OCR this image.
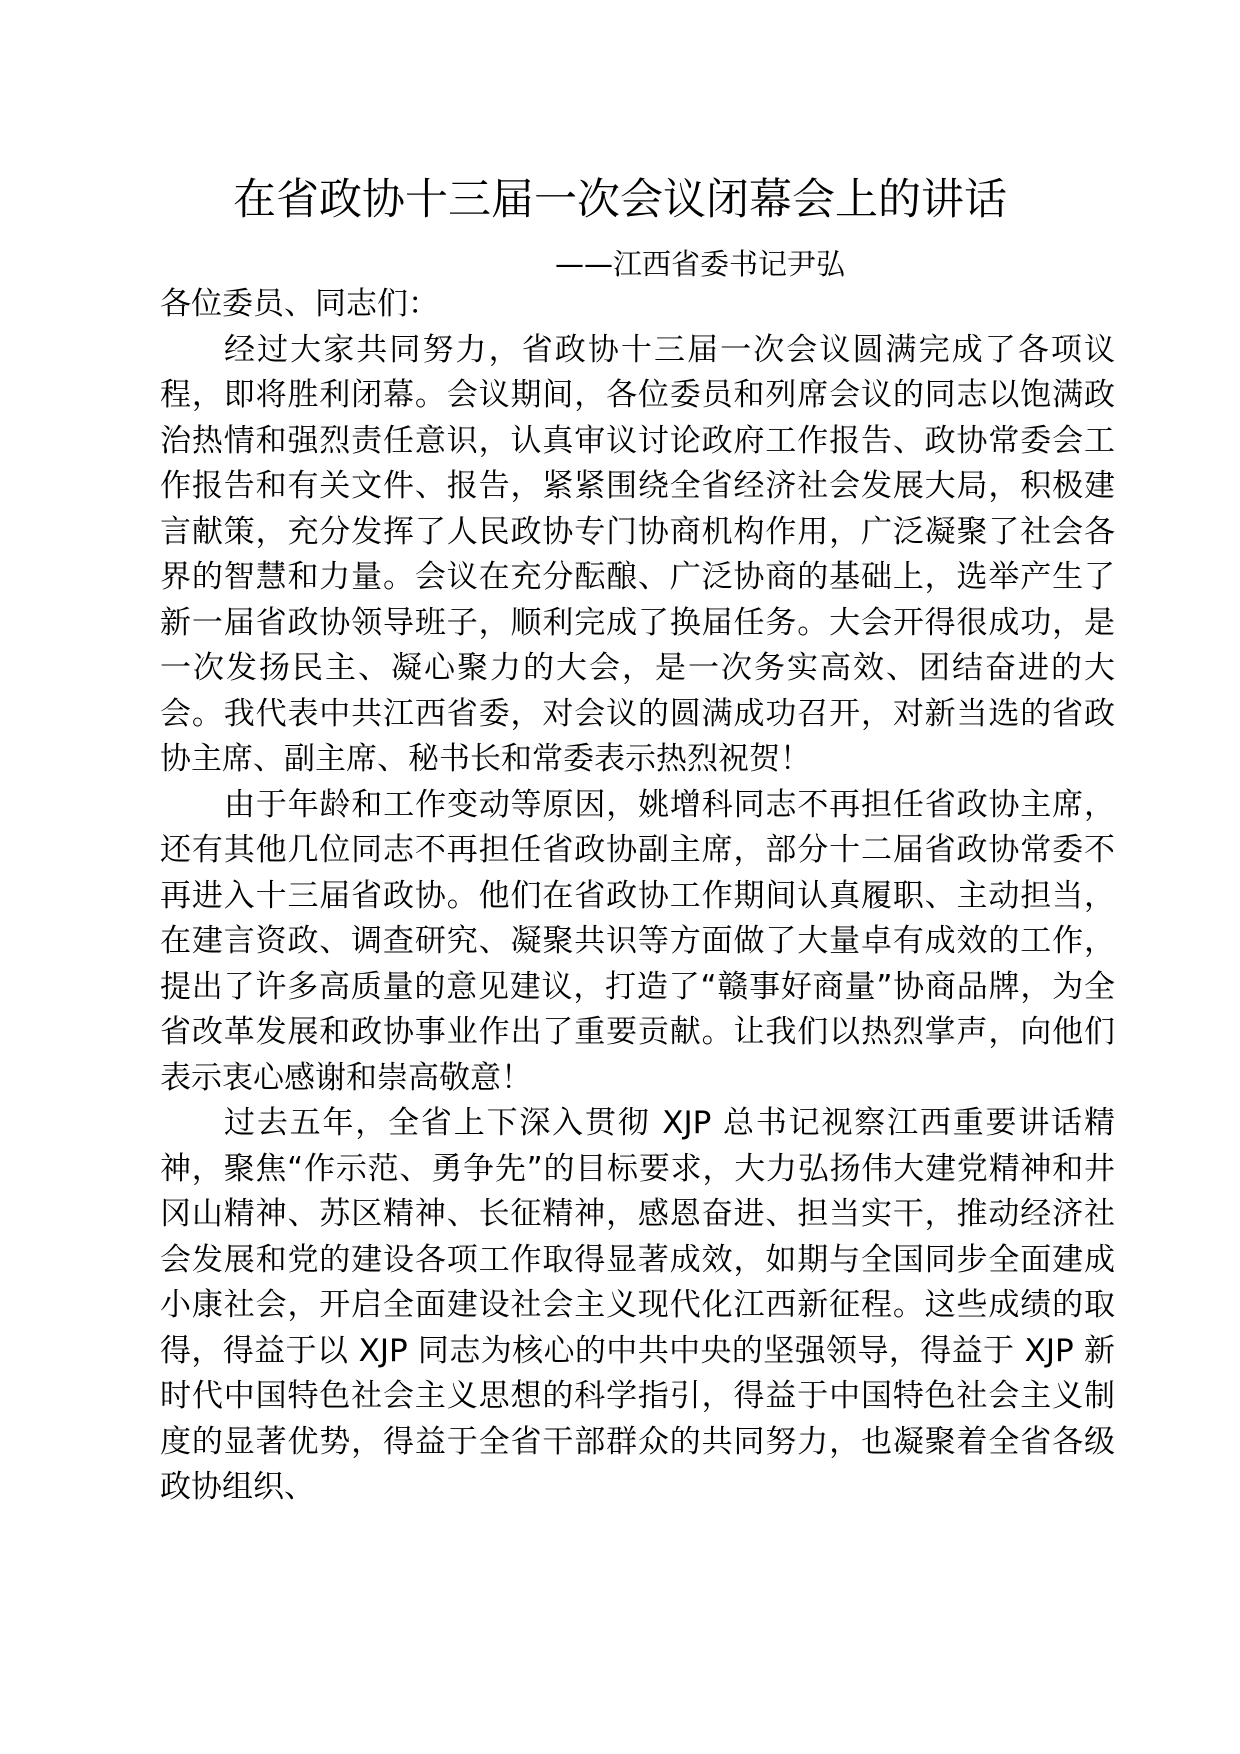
在省政协十三届一次会议闭幕会上的讲话
——江西省委书记尹弘

各位委员、同志们：

经过大家共同努力，省政协十三届一次会议圆满完成了各项议程，即将胜利闭幕。会议期间，各位委员和列席会议的同志以饱满政治热情和强烈责任意识，认真审议讨论政府工作报告、政协常委会工作报告和有关文件、报告，紧紧围绕全省经济社会发展大局，积极建言献策，充分发挥了人民政协专门协商机构作用，广泛凝聚了社会各界的智慧和力量。会议在充分酝酿、广泛协商的基础上，选举产生了新一届省政协领导班子，顺利完成了换届任务。大会开得很成功，是一次发扬民主、凝心聚力的大会，是一次务实高效、团结奋进的大会。我代表中共江西省委，对会议的圆满成功召开，对新当选的省政协主席、副主席、秘书长和常委表示热烈祝贺！

由于年龄和工作变动等原因，姚增科同志不再担任省政协主席，还有其他几位同志不再担任省政协副主席，部分十二届省政协常委不再进入十三届省政协。他们在省政协工作期间认真履职、主动担当，在建言资政、调查研究、凝聚共识等方面做了大量卓有成效的工作，提出了许多高质量的意见建议，打造了“赣事好商量”协商品牌，为全省改革发展和政协事业作出了重要贡献。让我们以热烈掌声，向他们表示衷心感谢和崇高敬意！

过去五年，全省上下深入贯彻 XJP 总书记视察江西重要讲话精神，聚焦“作示范、勇争先”的目标要求，大力弘扬伟大建党精神和井冈山精神、苏区精神、长征精神，感恩奋进、担当实干，推动经济社会发展和党的建设各项工作取得显著成效，如期与全国同步全面建成小康社会，开启全面建设社会主义现代化江西新征程。这些成绩的取得，得益于以 XJP 同志为核心的中共中央的坚强领导，得益于 XJP 新时代中国特色社会主义思想的科学指引，得益于中国特色社会主义制度的显著优势，得益于全省干部群众的共同努力，也凝聚着全省各级政协组织、
